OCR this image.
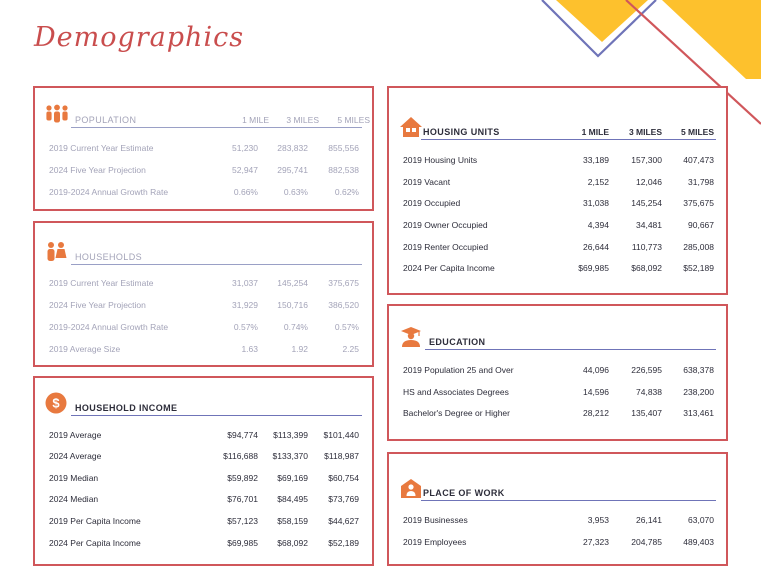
Demographics
POPULATION	1 MILE	3 MILES	5 MILES
2019 Current Year Estimate	51,230	283,832	855,556
2024 Five Year Projection	52,947	295,741	882,538
2019-2024 Annual Growth Rate	0.66%	0.63%	0.62%
HOUSEHOLDS
2019 Current Year Estimate	31,037	145,254	375,675
2024 Five Year Projection	31,929	150,716	386,520
2019-2024 Annual Growth Rate	0.57%	0.74%	0.57%
2019 Average Size	1.63	1.92	2.25
$ HOUSEHOLD INCOME
2019 Average	$94,774	$113,399	$101,440
2024 Average	$116,688	$133,370	$118,987
2019 Median	$59,892	$69,169	$60,754
2024 Median	$76,701	$84,495	$73,769
2019 Per Capita Income	$57,123	$58,159	$44,627
2024 Per Capita Income	$69,985	$68,092	$52,189
HOUSING UNITS	1 MILE	3 MILES	5 MILES
2019 Housing Units	33,189	157,300	407,473
2019 Vacant	2,152	12,046	31,798
2019 Occupied	31,038	145,254	375,675
2019 Owner Occupied	4,394	34,481	90,667
2019 Renter Occupied	26,644	110,773	285,008
2024 Per Capita Income	$69,985	$68,092	$52,189
EDUCATION
2019 Population 25 and Over	44,096	226,595	638,378
HS and Associates Degrees	14,596	74,838	238,200
Bachelor's Degree or Higher	28,212	135,407	313,461
PLACE OF WORK
2019 Businesses	3,953	26,141	63,070
2019 Employees	27,323	204,785	489,403
